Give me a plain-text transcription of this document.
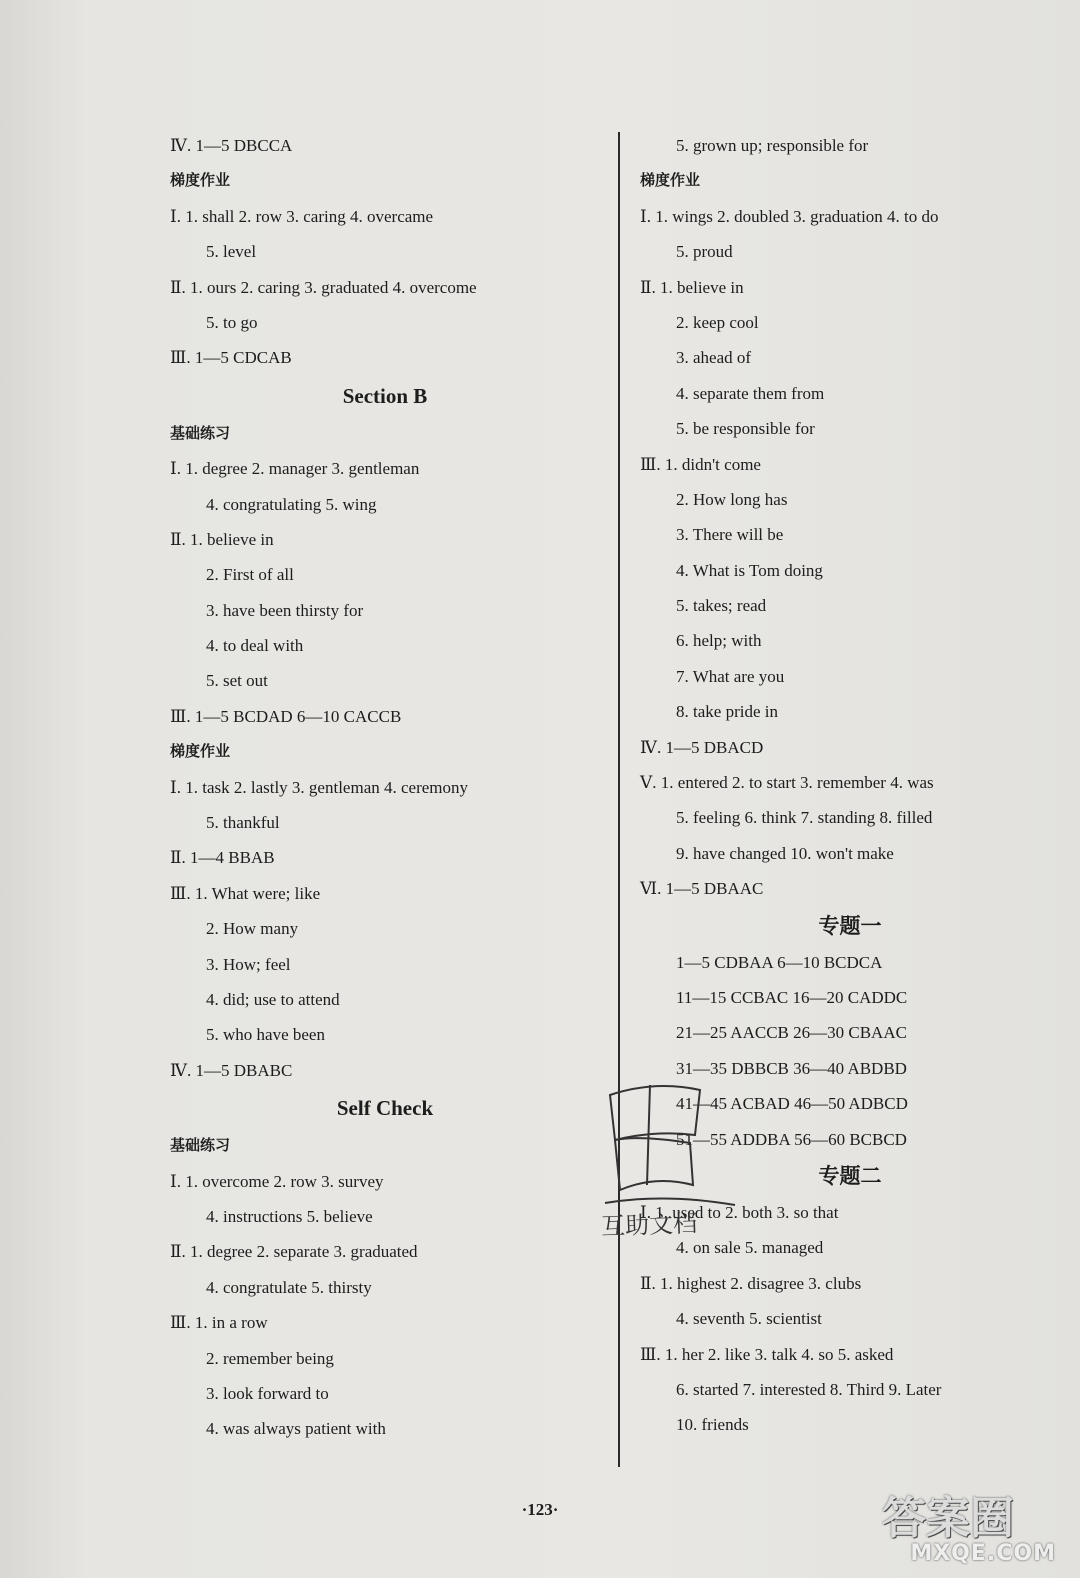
Ⅳ. 1—5 DBCCA
梯度作业
Ⅰ. 1. shall 2. row 3. caring 4. overcame
5. level
Ⅱ. 1. ours 2. caring 3. graduated 4. overcome
5. to go
Ⅲ. 1—5 CDCAB
Section B
基础练习
Ⅰ. 1. degree 2. manager 3. gentleman
4. congratulating 5. wing
Ⅱ. 1. believe in
2. First of all
3. have been thirsty for
4. to deal with
5. set out
Ⅲ. 1—5 BCDAD 6—10 CACCB
梯度作业
Ⅰ. 1. task 2. lastly 3. gentleman 4. ceremony
5. thankful
Ⅱ. 1—4 BBAB
Ⅲ. 1. What were; like
2. How many
3. How; feel
4. did; use to attend
5. who have been
Ⅳ. 1—5 DBABC
Self Check
基础练习
Ⅰ. 1. overcome 2. row 3. survey
4. instructions 5. believe
Ⅱ. 1. degree 2. separate 3. graduated
4. congratulate 5. thirsty
Ⅲ. 1. in a row
2. remember being
3. look forward to
4. was always patient with
5. grown up; responsible for
梯度作业
Ⅰ. 1. wings 2. doubled 3. graduation 4. to do
5. proud
Ⅱ. 1. believe in
2. keep cool
3. ahead of
4. separate them from
5. be responsible for
Ⅲ. 1. didn't come
2. How long has
3. There will be
4. What is Tom doing
5. takes; read
6. help; with
7. What are you
8. take pride in
Ⅳ. 1—5 DBACD
Ⅴ. 1. entered 2. to start 3. remember 4. was
5. feeling 6. think 7. standing 8. filled
9. have changed 10. won't make
Ⅵ. 1—5 DBAAC
专题一
1—5 CDBAA 6—10 BCDCA
11—15 CCBAC 16—20 CADDC
21—25 AACCB 26—30 CBAAC
31—35 DBBCB 36—40 ABDBD
41—45 ACBAD 46—50 ADBCD
51—55 ADDBA 56—60 BCBCD
专题二
Ⅰ. 1. used to 2. both 3. so that
4. on sale 5. managed
Ⅱ. 1. highest 2. disagree 3. clubs
4. seventh 5. scientist
Ⅲ. 1. her 2. like 3. talk 4. so 5. asked
6. started 7. interested 8. Third 9. Later
10. friends
互助文档
·123·	答案圈
MXQE.COM
